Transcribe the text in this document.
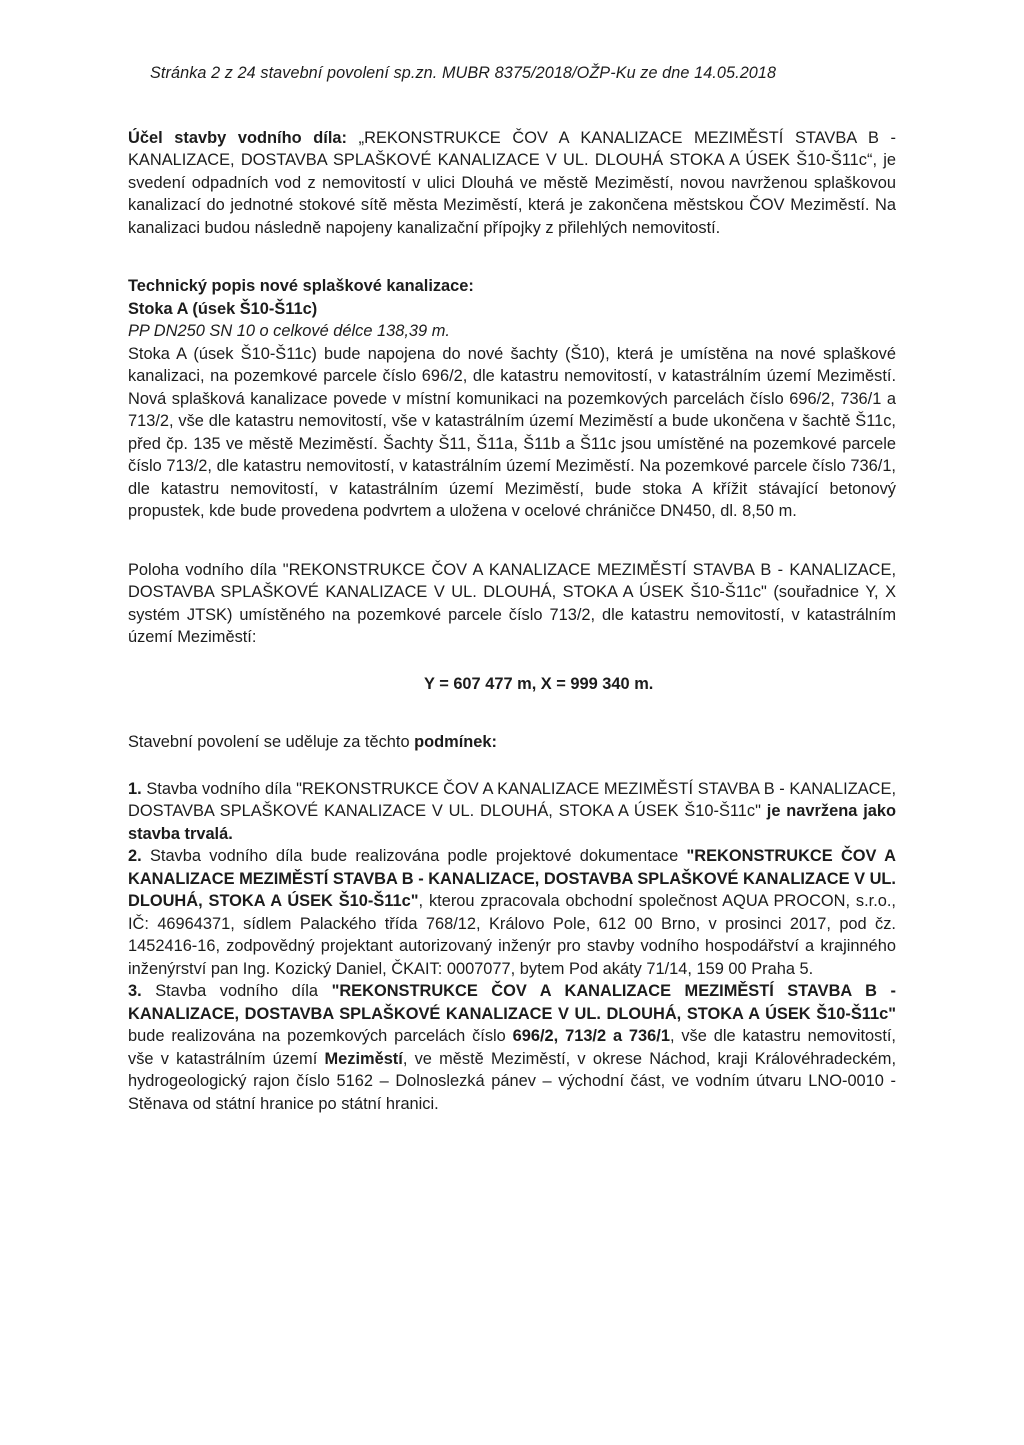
Stránka 2 z 24 stavební povolení sp.zn. MUBR 8375/2018/OŽP-Ku ze dne 14.05.2018

Účel stavby vodního díla: „REKONSTRUKCE ČOV A KANALIZACE MEZIMĚSTÍ STAVBA B - KANALIZACE, DOSTAVBA SPLAŠKOVÉ KANALIZACE V UL. DLOUHÁ STOKA A ÚSEK Š10-Š11c“, je svedení odpadních vod z nemovitostí v ulici Dlouhá ve městě Meziměstí, novou navrženou splaškovou kanalizací do jednotné stokové sítě města Meziměstí, která je zakončena městskou ČOV Meziměstí. Na kanalizaci budou následně napojeny kanalizační přípojky z přilehlých nemovitostí.

Technický popis nové splaškové kanalizace:

Stoka A (úsek Š10-Š11c)

PP DN250 SN 10 o celkové délce 138,39 m.

Stoka A (úsek Š10-Š11c) bude napojena do nové šachty (Š10), která je umístěna na nové splaškové kanalizaci, na pozemkové parcele číslo 696/2, dle katastru nemovitostí, v katastrálním území Meziměstí. Nová splašková kanalizace povede v místní komunikaci na pozemkových parcelách číslo 696/2, 736/1 a 713/2, vše dle katastru nemovitostí, vše v katastrálním území Meziměstí a bude ukončena v šachtě Š11c, před čp. 135 ve městě Meziměstí. Šachty Š11, Š11a, Š11b a Š11c jsou umístěné na pozemkové parcele číslo 713/2, dle katastru nemovitostí, v katastrálním území Meziměstí. Na pozemkové parcele číslo 736/1, dle katastru nemovitostí, v katastrálním území Meziměstí, bude stoka A křížit stávající betonový propustek, kde bude provedena podvrtem a uložena v ocelové chráničce DN450, dl. 8,50 m.

Poloha vodního díla "REKONSTRUKCE ČOV A KANALIZACE MEZIMĚSTÍ STAVBA B - KANALIZACE, DOSTAVBA SPLAŠKOVÉ KANALIZACE V UL. DLOUHÁ, STOKA A ÚSEK Š10-Š11c" (souřadnice Y, X systém JTSK) umístěného na pozemkové parcele číslo 713/2, dle katastru nemovitostí, v katastrálním území Meziměstí:

Y = 607 477 m, X = 999 340 m.

Stavební povolení se uděluje za těchto podmínek:

1. Stavba vodního díla "REKONSTRUKCE ČOV A KANALIZACE MEZIMĚSTÍ STAVBA B - KANALIZACE, DOSTAVBA SPLAŠKOVÉ KANALIZACE V UL. DLOUHÁ, STOKA A ÚSEK Š10-Š11c" je navržena jako stavba trvalá.

2. Stavba vodního díla bude realizována podle projektové dokumentace "REKONSTRUKCE ČOV A KANALIZACE MEZIMĚSTÍ STAVBA B - KANALIZACE, DOSTAVBA SPLAŠKOVÉ KANALIZACE V UL. DLOUHÁ, STOKA A ÚSEK Š10-Š11c", kterou zpracovala obchodní společnost AQUA PROCON, s.r.o., IČ: 46964371, sídlem Palackého třída 768/12, Královo Pole, 612 00 Brno, v prosinci 2017, pod čz. 1452416-16, zodpovědný projektant autorizovaný inženýr pro stavby vodního hospodářství a krajinného inženýrství pan Ing. Kozický Daniel, ČKAIT: 0007077, bytem Pod akáty 71/14, 159 00 Praha 5.

3. Stavba vodního díla "REKONSTRUKCE ČOV A KANALIZACE MEZIMĚSTÍ STAVBA B - KANALIZACE, DOSTAVBA SPLAŠKOVÉ KANALIZACE V UL. DLOUHÁ, STOKA A ÚSEK Š10-Š11c" bude realizována na pozemkových parcelách číslo 696/2, 713/2 a 736/1, vše dle katastru nemovitostí, vše v katastrálním území Meziměstí, ve městě Meziměstí, v okrese Náchod, kraji Královéhradeckém, hydrogeologický rajon číslo 5162 – Dolnoslezká pánev – východní část, ve vodním útvaru LNO-0010 - Stěnava od státní hranice po státní hranici.
